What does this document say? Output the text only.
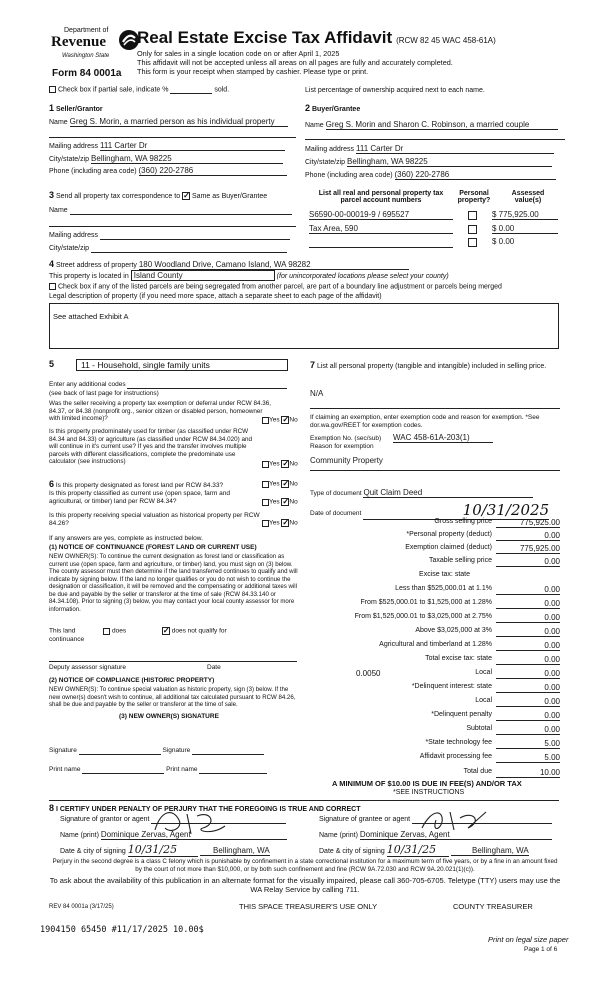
Department of
Revenue
Washington State
Form 84 0001a
Real Estate Excise Tax Affidavit (RCW 82 45 WAC 458-61A)
Only for sales in a single location code on or after April 1, 2025
This affidavit will not be accepted unless all areas on all pages are fully and accurately completed.
This form is your receipt when stamped by cashier. Please type or print.
Check box if partial sale, indicate %	sold.	List percentage of ownership acquired next to each name.
1 Seller/Grantor
Name Greg S. Morin, a married person as his individual property
Mailing address 111 Carter Dr
City/state/zip Bellingham, WA 98225
Phone (including area code) (360) 220-2786
2 Buyer/Grantee
Name Greg S. Morin and Sharon C. Robinson, a married couple
Mailing address 111 Carter Dr
City/state/zip Bellingham, WA 98225
Phone (including area code) (360) 220-2786
3 Send all property tax correspondence to ✓ Same as Buyer/Grantee
Name
Mailing address
City/state/zip
List all real and personal property tax parcel account numbers
Personal property?
Assessed value(s)
S6590-00-00019-9 / 695527	$ 775,925.00
Tax Area, 590	$ 0.00
$ 0.00
4 Street address of property 180 Woodland Drive, Camano Island, WA 98282
This property is located in Island County	(for unincorporated locations please select your county)
Check box if any of the listed parcels are being segregated from another parcel, are part of a boundary line adjustment or parcels being merged
Legal description of property (if you need more space, attach a separate sheet to each page of the affidavit)
See attached Exhibit A
5	11 - Household, single family units
Enter any additional codes
(see back of last page for instructions)
Was the seller receiving a property tax exemption or deferral under RCW 84.36, 84.37, or 84.38 (nonprofit org., senior citizen or disabled person, homeowner with limited income)?	Yes ✓No
Is this property predominately used for timber (as classified under RCW 84.34 and 84.33) or agriculture (as classified under RCW 84.34.020) and will continue in it's current use? If yes and the transfer involves multiple parcels with different classifications, complete the predominate use calculator (see instructions)	Yes ✓No
6 Is this property designated as forest land per RCW 84.33?	Yes ✓No
Is this property classified as current use (open space, farm and agricultural, or timber) land per RCW 84.34?	Yes ✓No
Is this property receiving special valuation as historical property per RCW 84.26?	Yes ✓No
If any answers are yes, complete as instructed below.
(1) NOTICE OF CONTINUANCE (FOREST LAND OR CURRENT USE)
NEW OWNER(S): To continue the current designation as forest land or classification as current use (open space, farm and agriculture, or timber) land, you must sign on (3) below. The county assessor must then determine if the land transferred continues to qualify and will indicate by signing below. If the land no longer qualifies or you do not wish to continue the designation or classification, it will be removed and the compensating or additional taxes will be due and payable by the seller or transferor at the time of sale (RCW 84.33.140 or 84.34.108). Prior to signing (3) below, you may contact your local county assessor for more information.
This land	does	✓ does not qualify for
continuance
Deputy assessor signature	Date
(2) NOTICE OF COMPLIANCE (HISTORIC PROPERTY)
NEW OWNER(S): To continue special valuation as historic property, sign (3) below. If the new owner(s) doesn't wish to continue, all additional tax calculated pursuant to RCW 84.26, shall be due and payable by the seller or transferor at the time of sale.
(3) NEW OWNER(S) SIGNATURE
Signature	Signature
Print name	Print name
7 List all personal property (tangible and intangible) included in selling price.
N/A
If claiming an exemption, enter exemption code and reason for exemption. *See dor.wa.gov/REET for exemption codes.
Exemption No. (sec/sub) WAC 458-61A-203(1)
Reason for exemption
Community Property
Type of document Quit Claim Deed
Date of document	10/31/2025
Gross selling price	775,925.00
*Personal property (deduct)	0.00
Exemption claimed (deduct)	775,925.00
Taxable selling price	0.00
Excise tax: state
Less than $525,000.01 at 1.1%	0.00
From $525,000.01 to $1,525,000 at 1.28%	0.00
From $1,525,000.01 to $3,025,000 at 2.75%	0.00
Above $3,025,000 at 3%	0.00
Agricultural and timberland at 1.28%	0.00
Total excise tax: state	0.00
0.0050	Local	0.00
*Delinquent interest: state	0.00
Local	0.00
*Delinquent penalty	0.00
Subtotal	0.00
*State technology fee	5.00
Affidavit processing fee	5.00
Total due	10.00
A MINIMUM OF $10.00 IS DUE IN FEE(S) AND/OR TAX
*SEE INSTRUCTIONS
8 I CERTIFY UNDER PENALTY OF PERJURY THAT THE FOREGOING IS TRUE AND CORRECT
Signature of grantor or agent
Name (print) Dominique Zervas, Agent
Date & city of signing 10/31/25	Bellingham, WA
Signature of grantee or agent
Name (print) Dominique Zervas, Agent
Date & city of signing 10/31/25	Bellingham, WA
Perjury in the second degree is a class C felony which is punishable by confinement in a state correctional institution for a maximum term of five years, or by a fine in an amount fixed by the court of not more than $10,000, or by both such confinement and fine (RCW 9A.72.030 and RCW 9A.20.021(1)(c)).
To ask about the availability of this publication in an alternate format for the visually impaired, please call 360-705-6705. Teletype (TTY) users may use the WA Relay Service by calling 711.
REV 84 0001a (3/17/25)	THIS SPACE TREASURER'S USE ONLY	COUNTY TREASURER
1904150 65450 #11/17/2025 10.00$
Print on legal size paper
Page 1 of 6
